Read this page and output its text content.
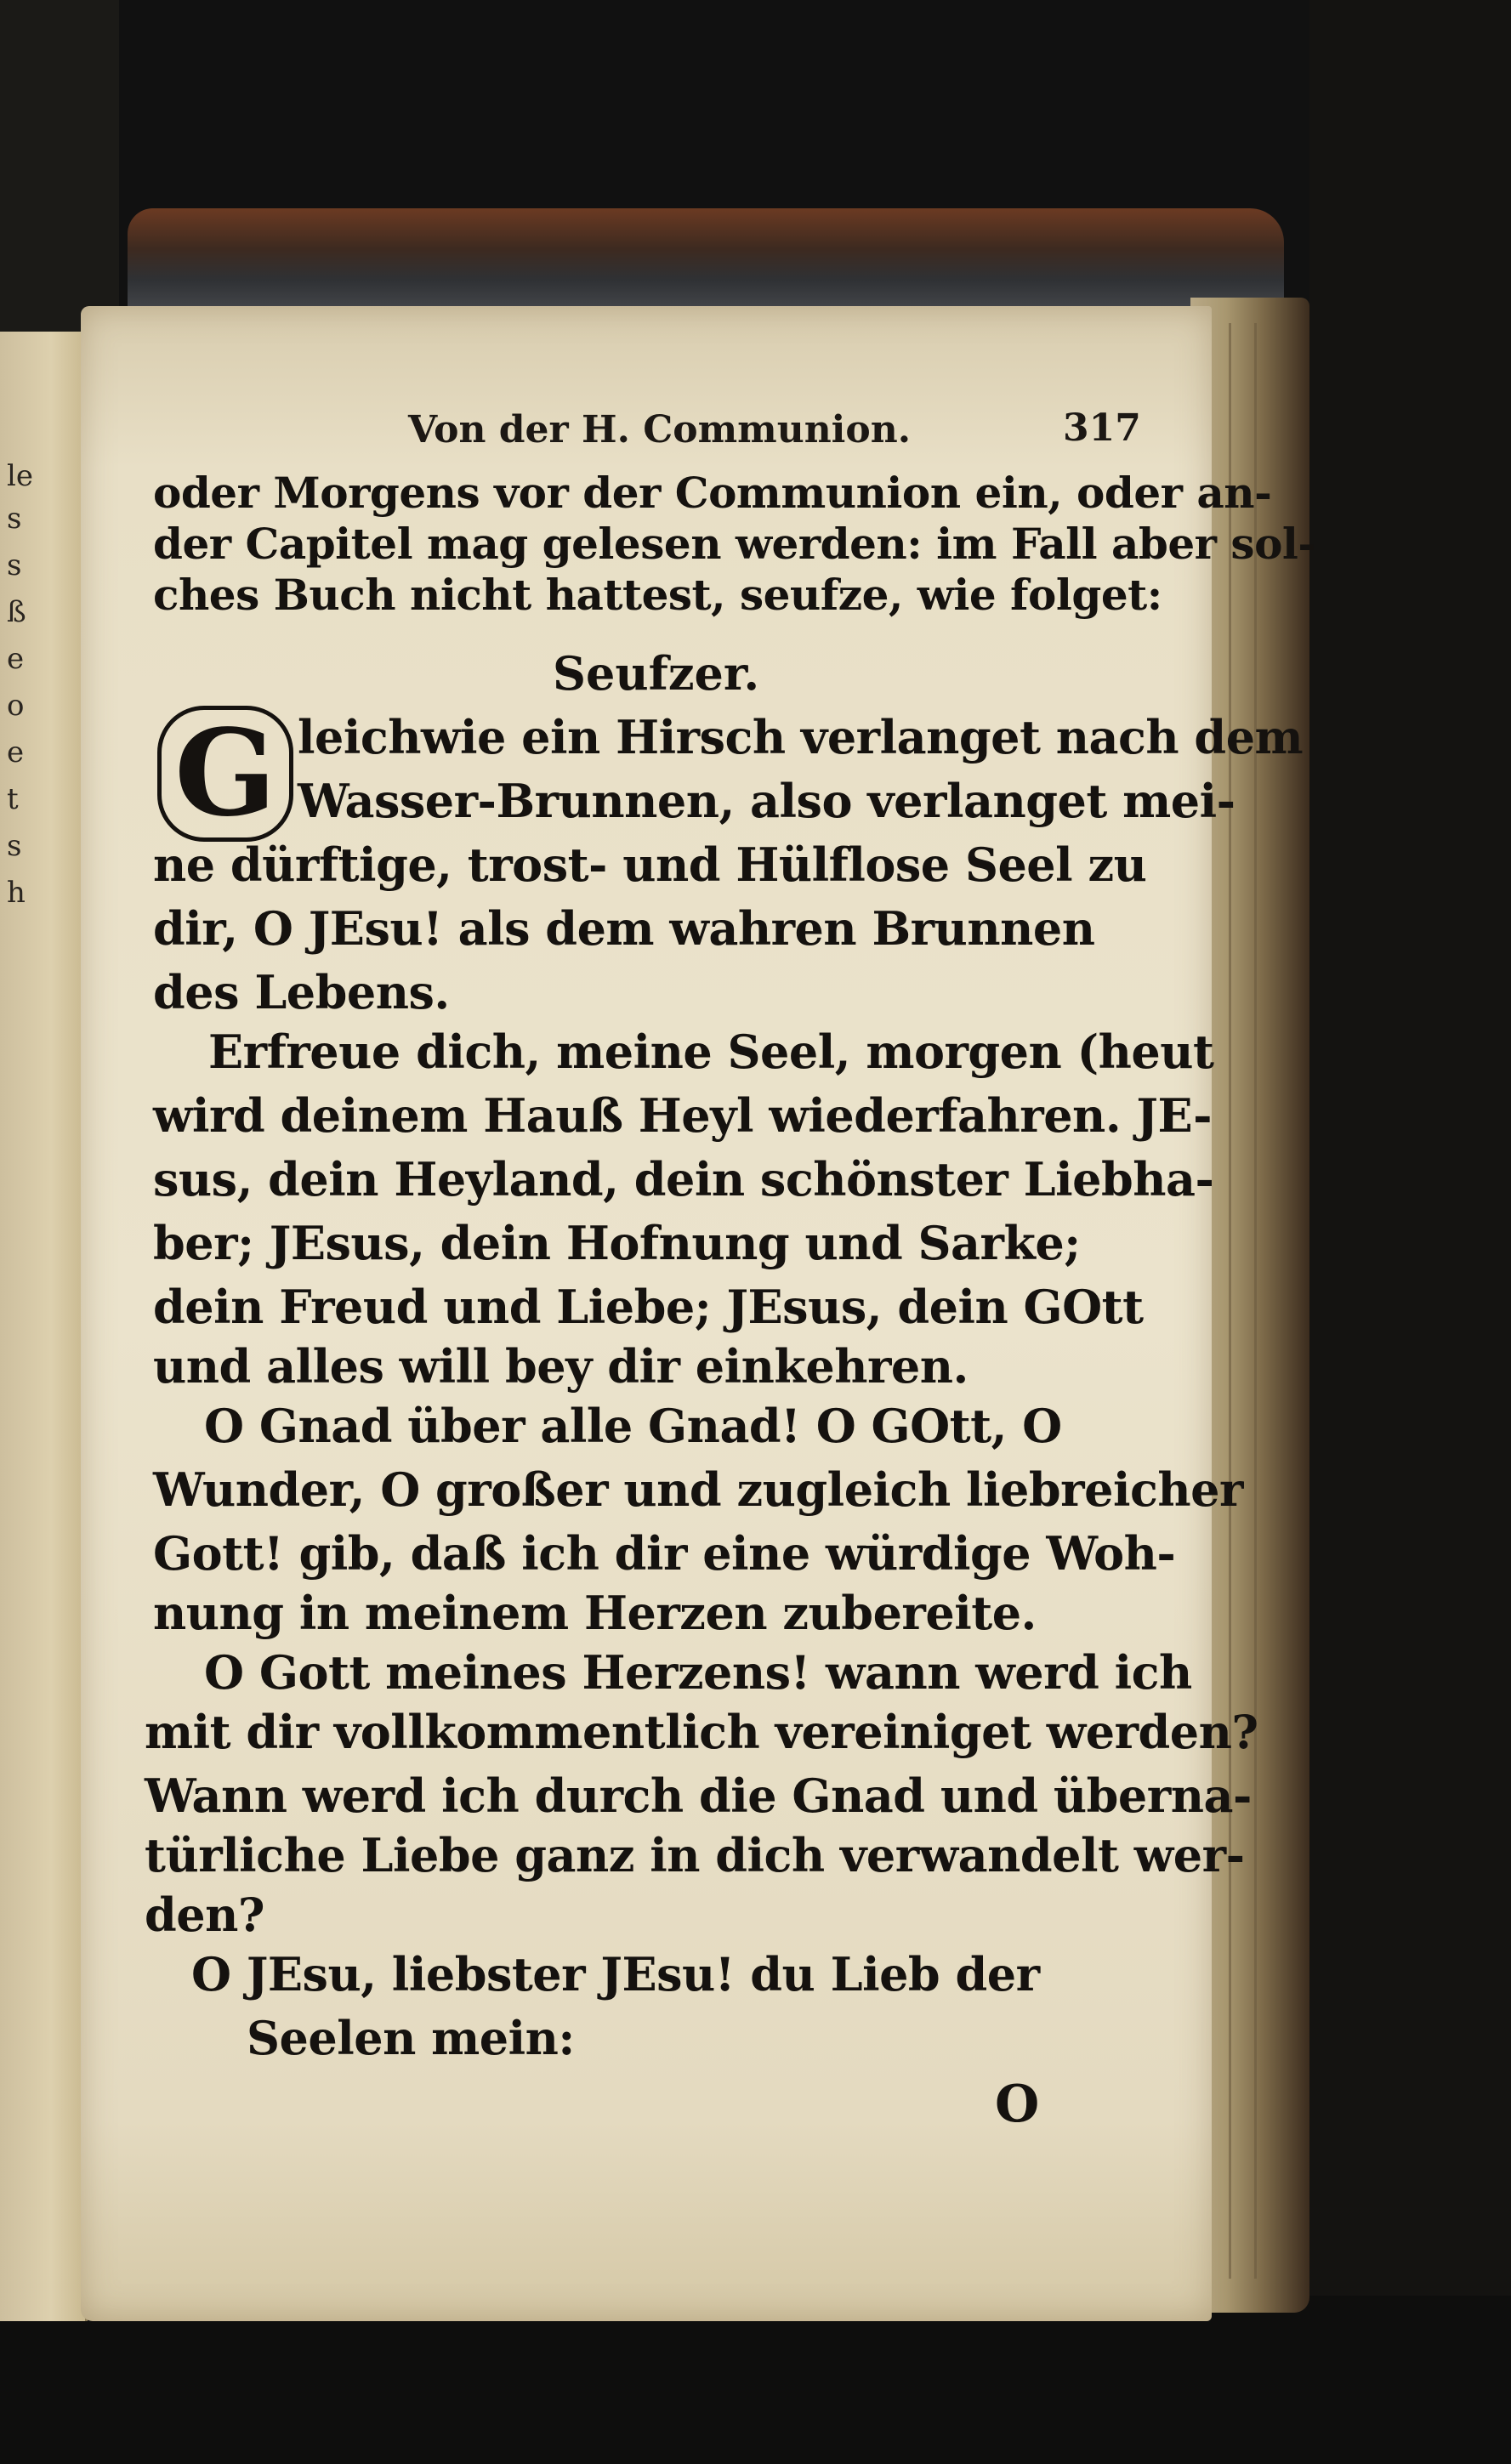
le
s
s
ß
e
o
e
t
s
h
Von der H. Communion.	317
oder Morgens vor der Communion ein, oder an-
der Capitel mag gelesen werden: im Fall aber sol-
ches Buch nicht hattest, seufze, wie folget:
Seufzer.
G leichwie ein Hirsch verlanget nach dem
Wasser-Brunnen, also verlanget mei-
ne dürftige, trost- und Hülflose Seel zu
dir, O JEsu! als dem wahren Brunnen
des Lebens.
Erfreue dich, meine Seel, morgen (heut
wird deinem Hauß Heyl wiederfahren. JE-
sus, dein Heyland, dein schönster Liebha-
ber; JEsus, dein Hofnung und Sarke;
dein Freud und Liebe; JEsus, dein GOtt
und alles will bey dir einkehren.
O Gnad über alle Gnad! O GOtt, O
Wunder, O großer und zugleich liebreicher
Gott! gib, daß ich dir eine würdige Woh-
nung in meinem Herzen zubereite.
O Gott meines Herzens! wann werd ich
mit dir vollkommentlich vereiniget werden?
Wann werd ich durch die Gnad und überna-
türliche Liebe ganz in dich verwandelt wer-
den?
O JEsu, liebster JEsu! du Lieb der
Seelen mein:
O
